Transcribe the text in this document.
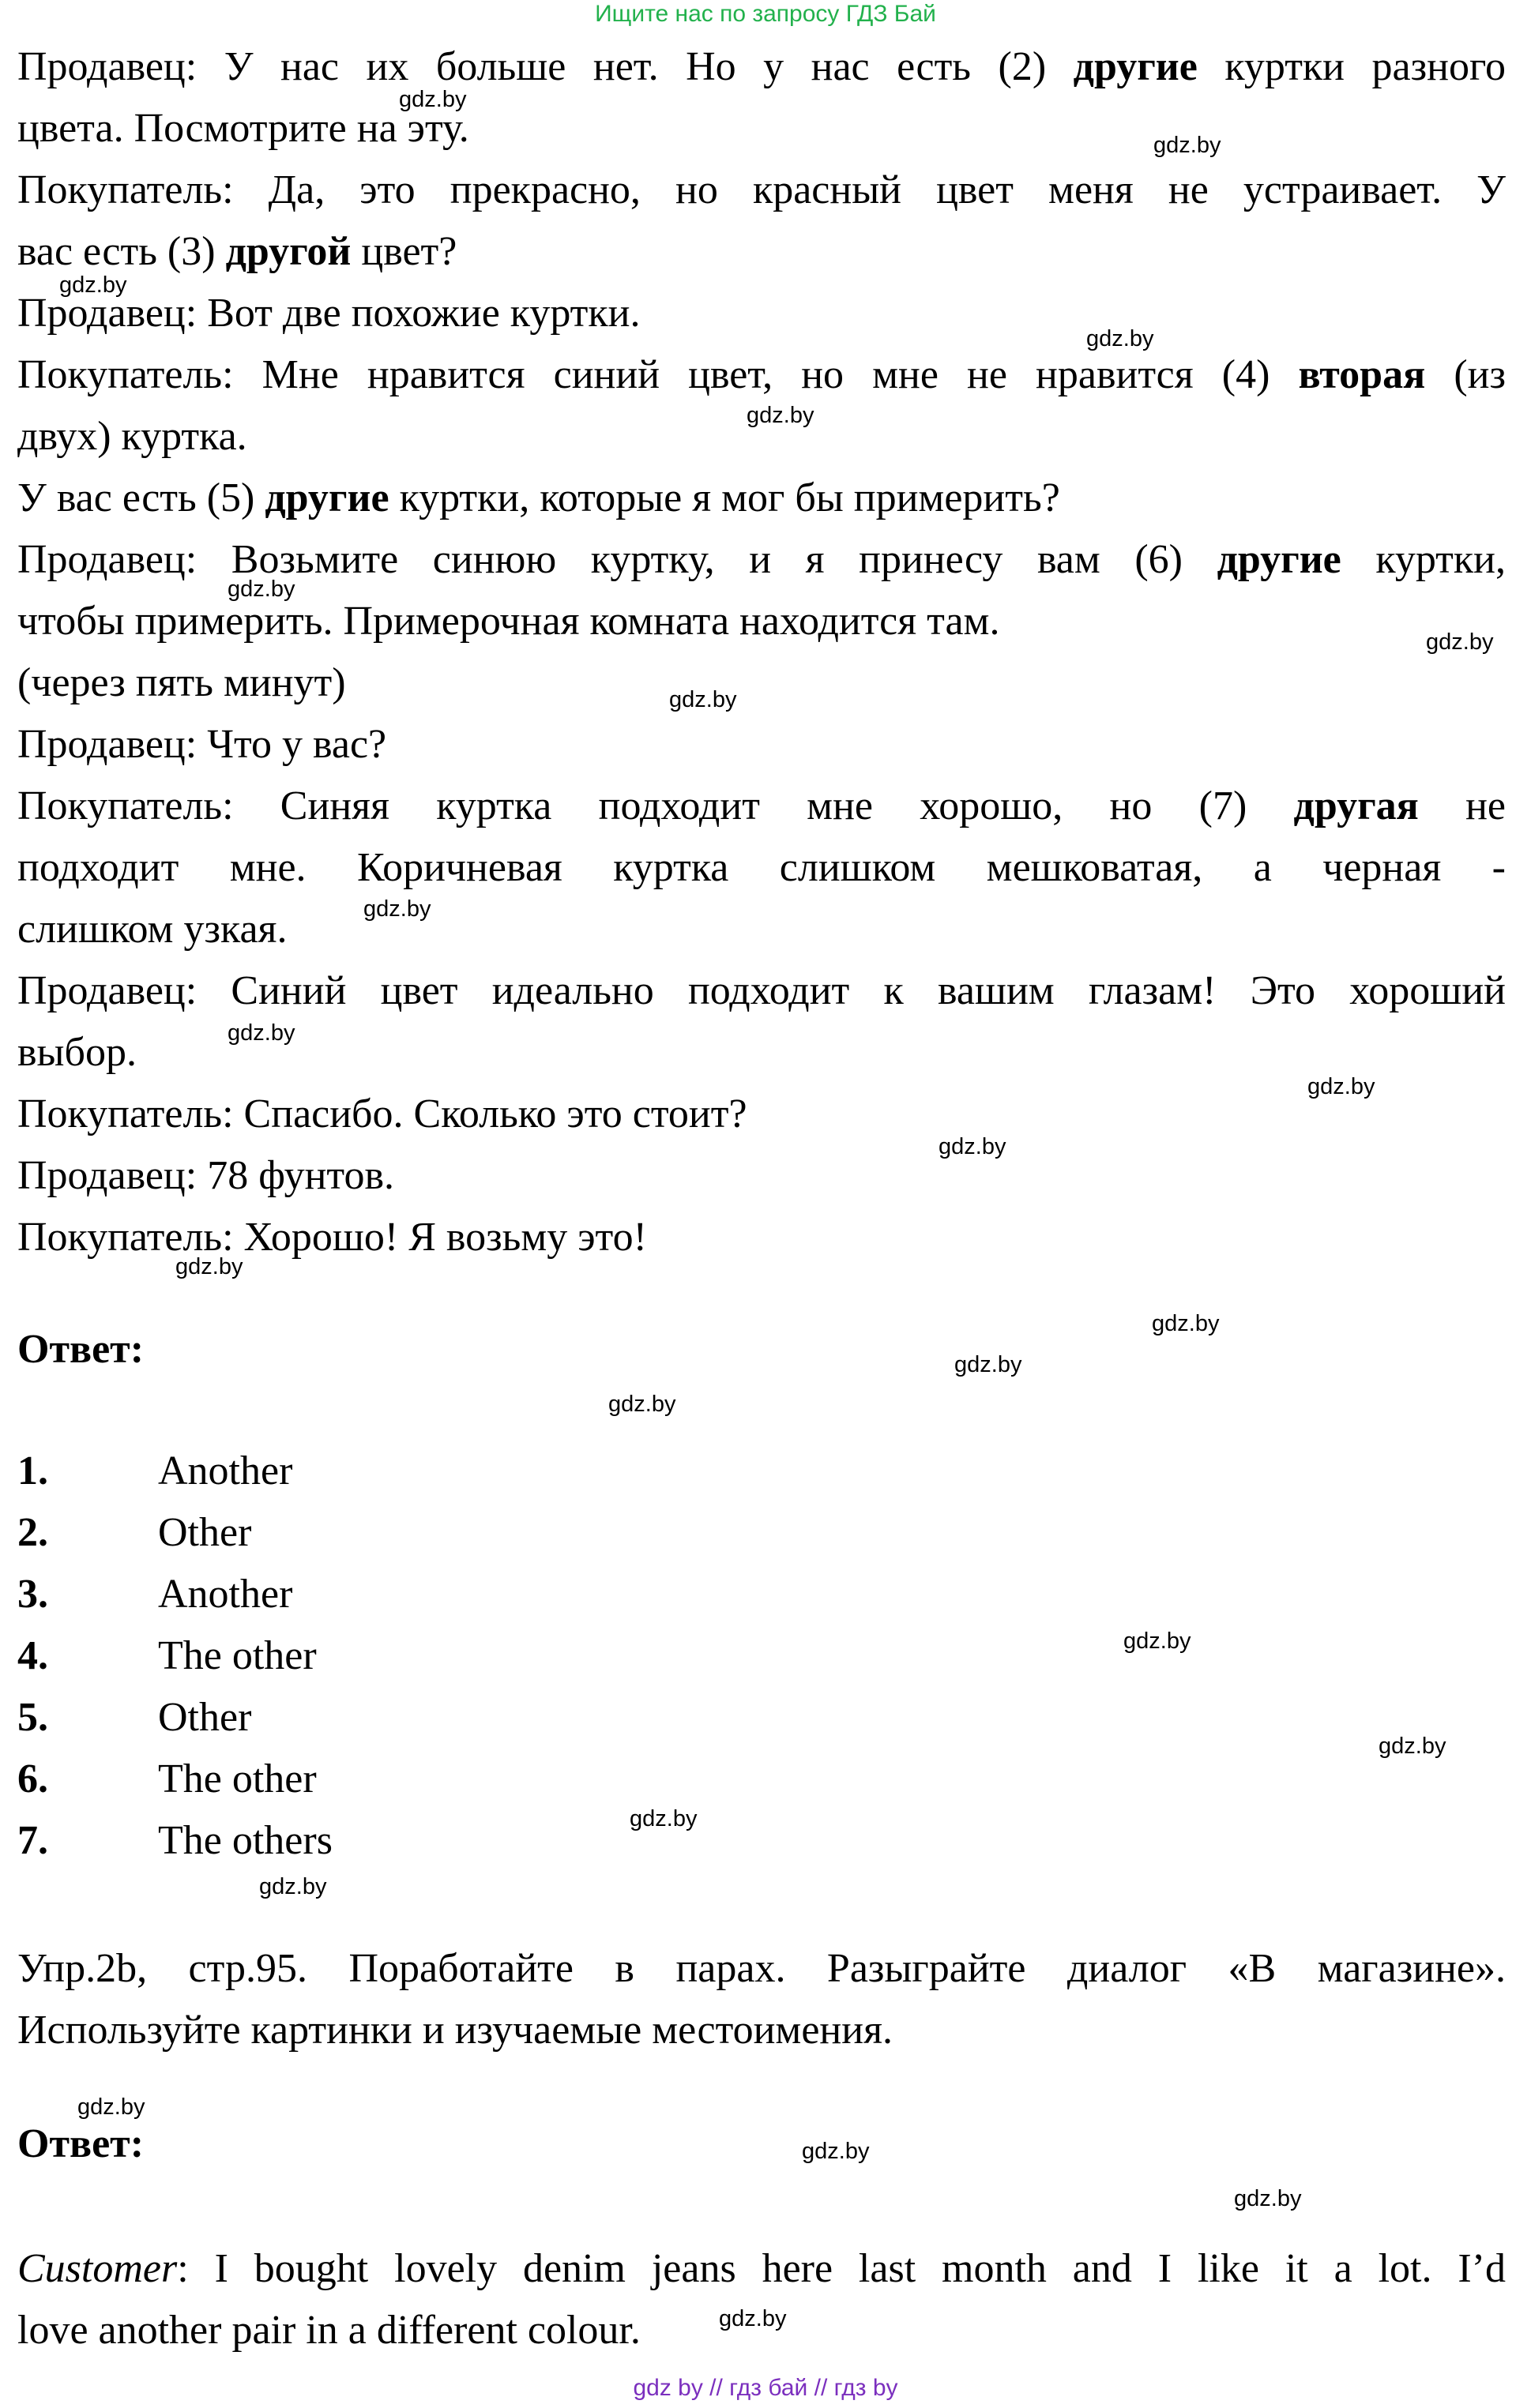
Ищите нас по запросу ГДЗ Бай

Продавец: У нас их больше нет. Но у нас есть (2) другие куртки разного

цвета. Посмотрите на эту.

Покупатель: Да, это прекрасно, но красный цвет меня не устраивает. У

вас есть (3) другой цвет?

Продавец: Вот две похожие куртки.

Покупатель: Мне нравится синий цвет, но мне не нравится (4) вторая (из

двух) куртка.

У вас есть (5) другие куртки, которые я мог бы примерить?

Продавец: Возьмите синюю куртку, и я принесу вам (6) другие куртки,

чтобы примерить. Примерочная комната находится там.

(через пять минут)

Продавец: Что у вас?

Покупатель: Синяя куртка подходит мне хорошо, но (7) другая не

подходит мне. Коричневая куртка слишком мешковатая, а черная -

слишком узкая.

Продавец: Синий цвет идеально подходит к вашим глазам! Это хороший

выбор.

Покупатель: Спасибо. Сколько это стоит?

Продавец: 78 фунтов.

Покупатель: Хорошо! Я возьму это!

Ответ:

1.	Another
2.	Other
3.	Another
4.	The other
5.	Other
6.	The other
7.	The others

Упр.2b, стр.95. Поработайте в парах. Разыграйте диалог «В магазине».

Используйте картинки и изучаемые местоимения.

Ответ:

Customer: I bought lovely denim jeans here last month and I like it a lot. I’d

love another pair in a different colour.

gdz.by
gdz.by
gdz.by
gdz.by
gdz.by
gdz.by
gdz.by
gdz.by
gdz.by
gdz.by
gdz.by
gdz.by
gdz.by
gdz.by
gdz.by
gdz.by
gdz.by
gdz.by
gdz.by
gdz.by
gdz.by
gdz.by
gdz.by
gdz.by
gdz by // гдз бай // гдз by
